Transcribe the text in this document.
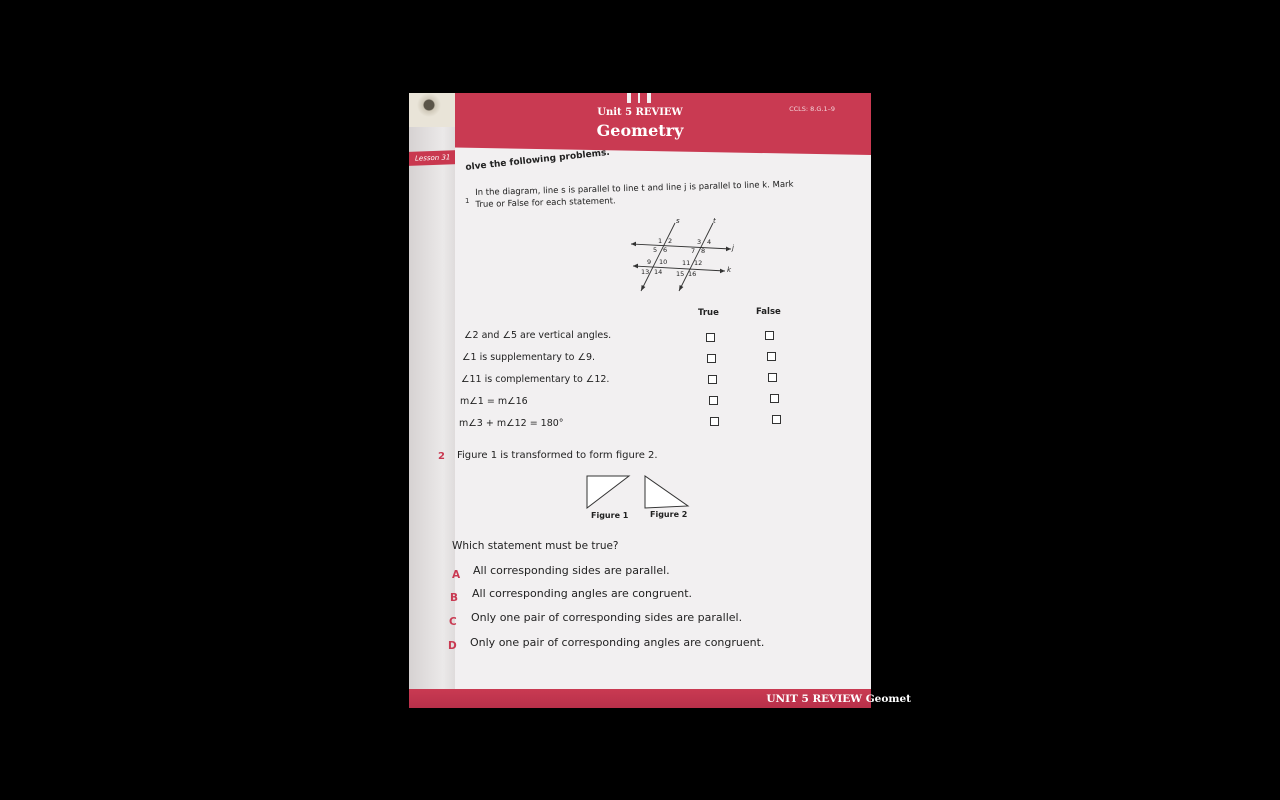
Lesson 31
CCLS: 8.G.1–9
Unit 5 REVIEW
Geometry
olve the following problems.
1
In the diagram, line s is parallel to line t and line j is parallel to line k. Mark True or False for each statement.
s	t
j
k
1 2	3 4
5 6	7 8
9 10 11 12
13 14 15 16
True	False
∠2 and ∠5 are vertical angles.
∠1 is supplementary to ∠9.
∠11 is complementary to ∠12.
m∠1 = m∠16
m∠3 + m∠12 = 180°
2 Figure 1 is transformed to form figure 2.
Figure 1	Figure 2
Which statement must be true?
A All corresponding sides are parallel.
B All corresponding angles are congruent.
C Only one pair of corresponding sides are parallel.
D Only one pair of corresponding angles are congruent.
UNIT 5 REVIEW Geomet
